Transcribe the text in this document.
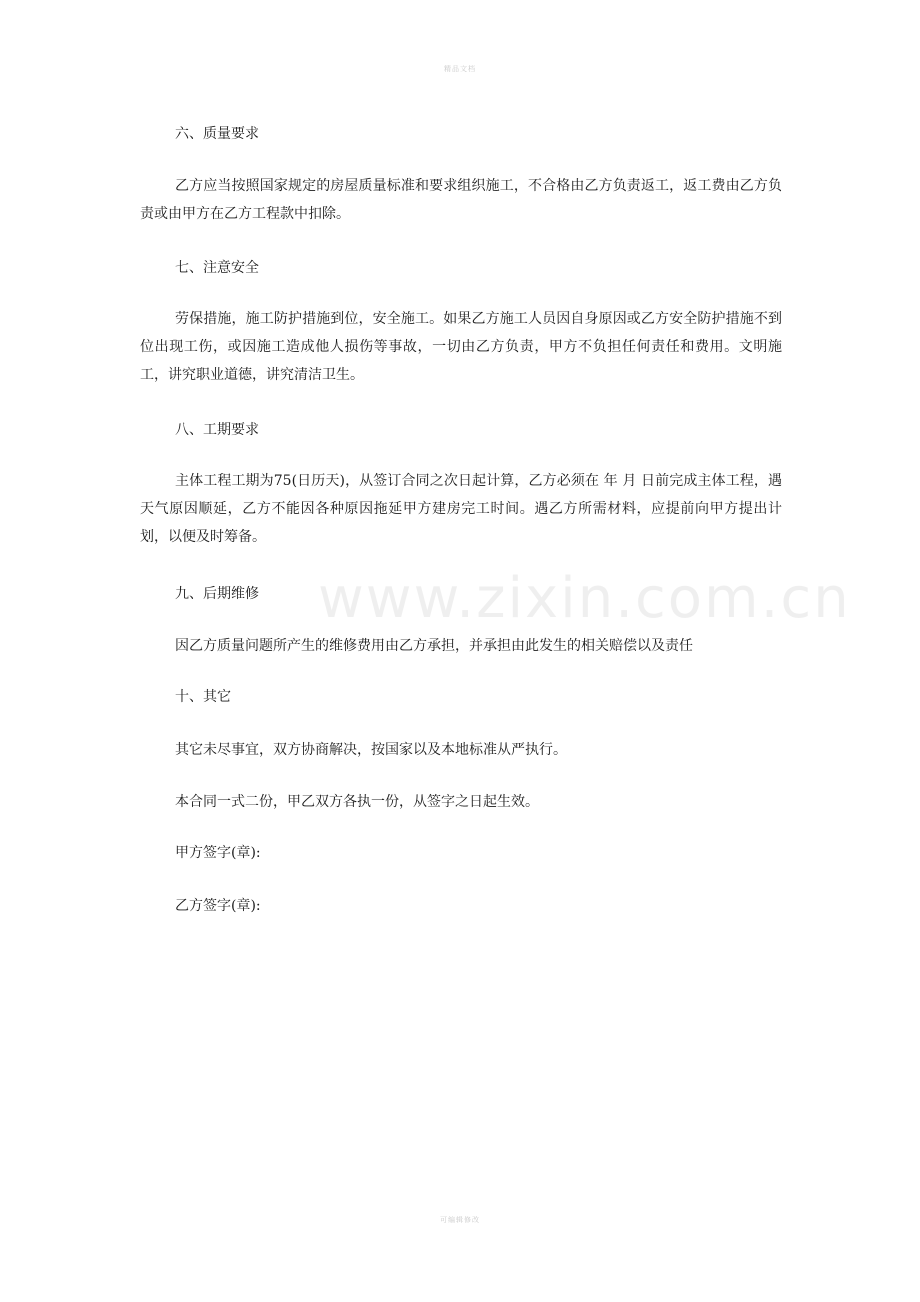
精品文档
www.zixin.com.cn
六、质量要求
乙方应当按照国家规定的房屋质量标准和要求组织施工，不合格由乙方负责返工，返工费由乙方负责或由甲方在乙方工程款中扣除。
七、注意安全
劳保措施，施工防护措施到位，安全施工。如果乙方施工人员因自身原因或乙方安全防护措施不到位出现工伤，或因施工造成他人损伤等事故，一切由乙方负责，甲方不负担任何责任和费用。文明施工，讲究职业道德，讲究清洁卫生。
八、工期要求
主体工程工期为75(日历天)，从签订合同之次日起计算，乙方必须在 年 月 日前完成主体工程，遇天气原因顺延，乙方不能因各种原因拖延甲方建房完工时间。遇乙方所需材料，应提前向甲方提出计划，以便及时筹备。
九、后期维修
因乙方质量问题所产生的维修费用由乙方承担，并承担由此发生的相关赔偿以及责任
十、其它
其它未尽事宜，双方协商解决，按国家以及本地标准从严执行。
本合同一式二份，甲乙双方各执一份，从签字之日起生效。
甲方签字(章):
乙方签字(章):
可编辑修改
